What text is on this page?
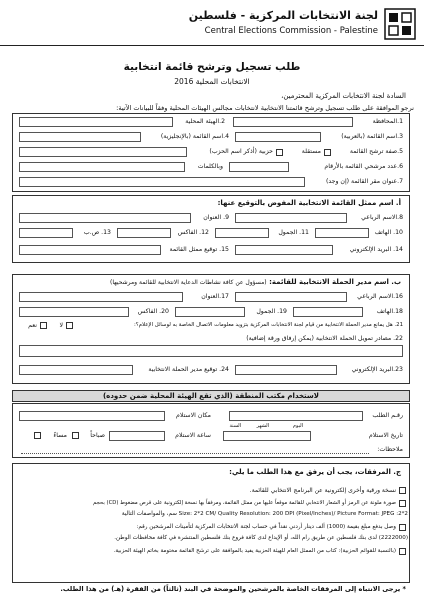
لجنة الانتخابات المركزية - فلسطين
Central Elections Commission - Palestine
طلب تسجيل وترشح قائمة انتخابية
الانتخابات المحلية 2016
السادة لجنة الانتخابات المركزية المحترمين،
نرجو الموافقة على طلب تسجيل وترشح قائمتنا الانتخابية لانتخابات مجالس الهيئات المحلية وفقاً للبيانات الآتية:
1.المحافظة
2.الهيئة المحلية
3.اسم القائمة (بالعربية)
4.اسم القائمة (بالإنجليزية)
5.صفة ترشح القائمة
مستقلة
حزبية (أذكر اسم الحزب)
6.عدد مرشحي القائمة بالأرقام
وبالكلمات
7.عنوان مقر القائمة (إن وجد)
أ. اسم ممثل القائمة الانتخابية المفوض بالتوقيع عنها:
8.الاسم الرباعي
9. العنوان
10. الهاتف
11. الجمول
12. الفاكس
13. ص.ب
14. البريد الإلكتروني
15. توقيع ممثل القائمة
ب. اسم مدير الحملة الانتخابية للقائمة: (مسؤول عن كافة نشاطات الدعاية الانتخابية للقائمة ومرشحيها)
16.الاسم الرباعي
17.العنوان
18.الهاتف
19. الجمول
20. الفاكس
21. هل يمانع مدير الحملة الانتخابية من قيام لجنة الانتخابات المركزية بتزويد معلومات الاتصال الخاصة به لوسائل الإعلام؟:
لا
نعم
22. مصادر تمويل الحملة الانتخابية (يمكن إرفاق ورقة إضافية)
23.البريد الإلكتروني
24. توقيع مدير الحملة الانتخابية
لاستخدام مكتب المنطقة (الذي تقع الهيئة المحلية ضمن حدوده)
رقـم الطلب
مكان الاستلام
اليوم
الشهر
السنة
تاريخ الاستلام
ساعة الاستلام
صباحاً
مساءً
ملاحظات:
ج. المرفقات، يجب أن يرفق مع هذا الطلب ما يلي:
نسخة ورقية وأخرى إلكترونية عن البرنامج الانتخابي للقائمة.
صورة ملونة عن الرمز أو الشعار الانتخابي للقائمة موقعاً عليها من ممثل القائمة، ومرفقاً بها نسخة إلكترونية على قرص مضغوط (CD) بحجم
Size: 2*2 CM/ Quality Resolution: 200 DPI (Pixel/Inches)/ Picture Format: JPEG :2*2 سم، والمواصفات التالية
وصل بدفع مبلغ بقيمة (1000) ألف دينار أردني نقداً في حساب لجنة الانتخابات المركزية لتأمينات المرشحين رقم:
(2222000) لدى بنك فلسطين عن طريق رام الله، أو الإيداع لدى كافة فروع بنك فلسطين المنتشرة في كافة محافظات الوطن.
(بالنسبة للقوائم الحزبية): كتاب من الممثل العام للهيئة الحزبية يفيد بالموافقة على ترشح القائمة مختومة بخاتم الهيئة الحزبية.
* يرجى الانتباه إلى المرفقات الخاصة بالمرشحين والموضحة في البند (ثالثاً) من الفقرة (هـ) من هذا الطلب.
